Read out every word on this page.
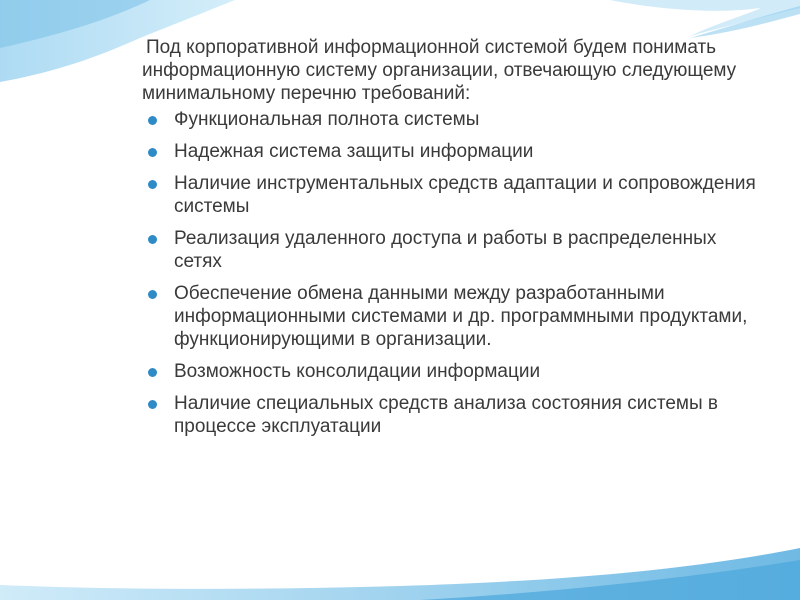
Под корпоративной информационной системой будем понимать информационную систему организации, отвечающую следующему минимальному перечню требований:

Функциональная полнота системы
Надежная система защиты информации
Наличие инструментальных средств адаптации и сопровождения системы
Реализация удаленного доступа и работы в распределенных сетях
Обеспечение обмена данными между разработанными информационными системами и др. программными продуктами, функционирующими в организации.
Возможность консолидации информации
Наличие специальных средств анализа состояния системы в процессе эксплуатации
